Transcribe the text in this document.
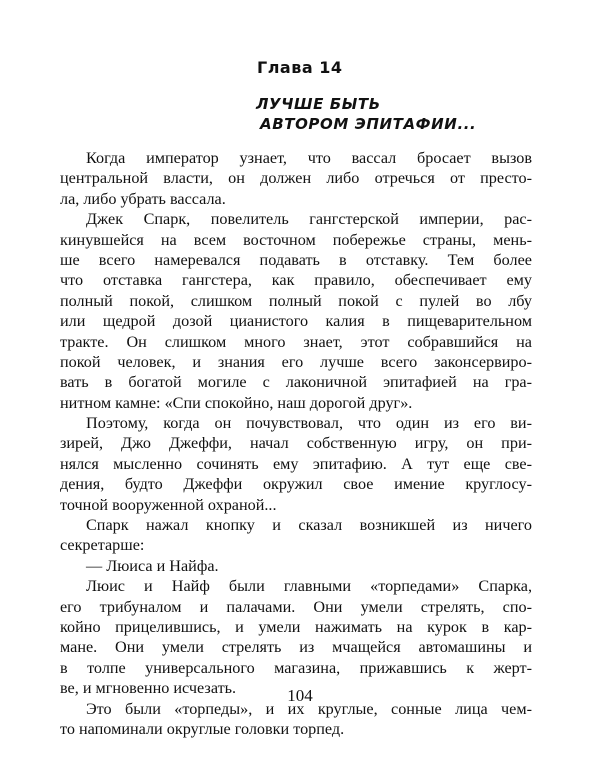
Глава 14
ЛУЧШЕ БЫТЬ
АВТОРОМ ЭПИТАФИИ...
Когда император узнает, что вассал бросает вызов
центральной власти, он должен либо отречься от престо-
ла, либо убрать вассала.
Джек Спарк, повелитель гангстерской империи, рас-
кинувшейся на всем восточном побережье страны, мень-
ше всего намеревался подавать в отставку. Тем более
что отставка гангстера, как правило, обеспечивает ему
полный покой, слишком полный покой с пулей во лбу
или щедрой дозой цианистого калия в пищеварительном
тракте. Он слишком много знает, этот собравшийся на
покой человек, и знания его лучше всего законсервиро-
вать в богатой могиле с лаконичной эпитафией на гра-
нитном камне: «Спи спокойно, наш дорогой друг».
Поэтому, когда он почувствовал, что один из его ви-
зирей, Джо Джеффи, начал собственную игру, он при-
нялся мысленно сочинять ему эпитафию. А тут еще све-
дения, будто Джеффи окружил свое имение круглосу-
точной вооруженной охраной...
Спарк нажал кнопку и сказал возникшей из ничего
секретарше:
— Люиса и Найфа.
Люис и Найф были главными «торпедами» Спарка,
его трибуналом и палачами. Они умели стрелять, спо-
койно прицелившись, и умели нажимать на курок в кар-
мане. Они умели стрелять из мчащейся автомашины и
в толпе универсального магазина, прижавшись к жерт-
ве, и мгновенно исчезать.
Это были «торпеды», и их круглые, сонные лица чем-
то напоминали округлые головки торпед.

104
